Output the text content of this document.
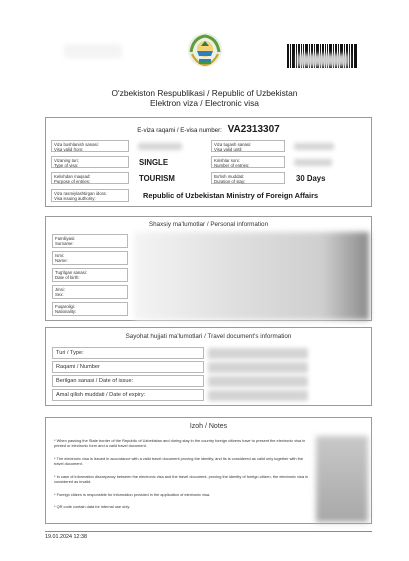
O'zbekiston Respublikasi / Republic of Uzbekistan
Elektron viza / Electronic visa
E-viza raqami / E-visa number: VA2313307
Viza boshlanish sanasi:
Visa valid from:
Viza tugash sanasi:
Visa valid until:
Vizaning turi:
Type of visa:	SINGLE	Kirishlar soni:
Number of entries:
Kelishdan maqsad:
Purpose of entries:	TOURISM	Bo'lish muddati:
Duration of stay:	30 Days
Viza rasmiylashtirgan idora:
Visa issuing authority:	Republic of Uzbekistan Ministry of Foreign Affairs
Shaxsiy ma'lumotlar / Personal information
Familiyasi:
Surname:
Ismi:
Name:
Tug'ilgan sanasi:
Date of birth:
Jinsi:
Sex:
Fuqaroligi:
Nationality:
Sayohat hujjati ma'lumotlari / Travel document's information
Turi / Type:
Raqami / Number
Berilgan sanasi / Date of issue:
Amal qilish muddati / Date of expiry:
Izoh / Notes
* When passing the State border of the Republic of Uzbekistan and during stay in the country foreign citizens have to present the electronic visa in printed or electronic form and a valid travel document.
* The electronic visa is issued in accordance with a valid travel document proving the identity, and its is considered as valid only together with the travel document.
* In case of information discrepancy between the electronic visa and the travel document, proving the identity of foreign citizen, the electronic visa is considered as invalid.
* Foreign citizen is responsible for information provided in the application of electronic visa.
* QR code contain data for internal use only.
19.01.2024 12:38
